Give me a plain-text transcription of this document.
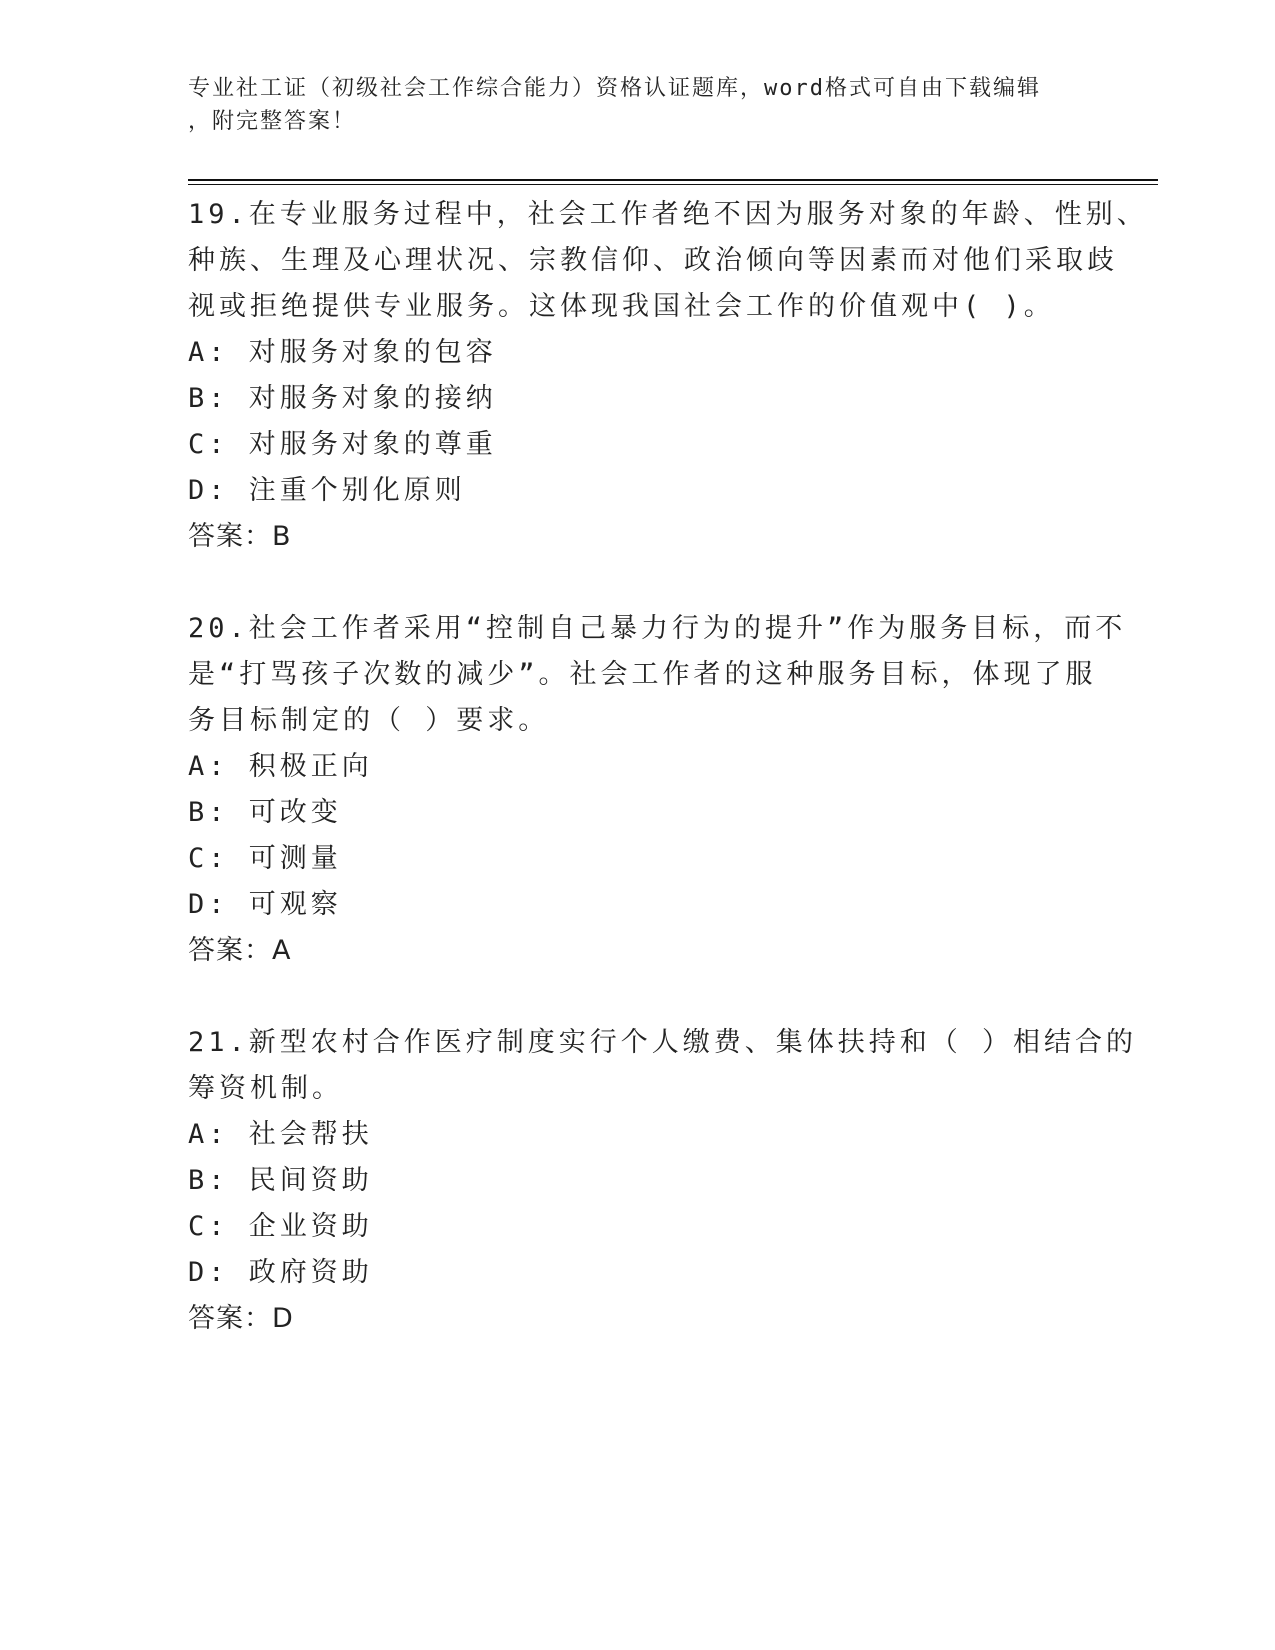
专业社工证（初级社会工作综合能力）资格认证题库，word格式可自由下载编辑
，附完整答案！
19.在专业服务过程中，社会工作者绝不因为服务对象的年龄、性别、
种族、生理及心理状况、宗教信仰、政治倾向等因素而对他们采取歧
视或拒绝提供专业服务。这体现我国社会工作的价值观中( )。
A: 对服务对象的包容
B: 对服务对象的接纳
C: 对服务对象的尊重
D: 注重个别化原则
答案：B
20.社会工作者采用“控制自己暴力行为的提升”作为服务目标，而不
是“打骂孩子次数的减少”。社会工作者的这种服务目标，体现了服
务目标制定的（ ）要求。
A: 积极正向
B: 可改变
C: 可测量
D: 可观察
答案：A
21.新型农村合作医疗制度实行个人缴费、集体扶持和（ ）相结合的
筹资机制。
A: 社会帮扶
B: 民间资助
C: 企业资助
D: 政府资助
答案：D
